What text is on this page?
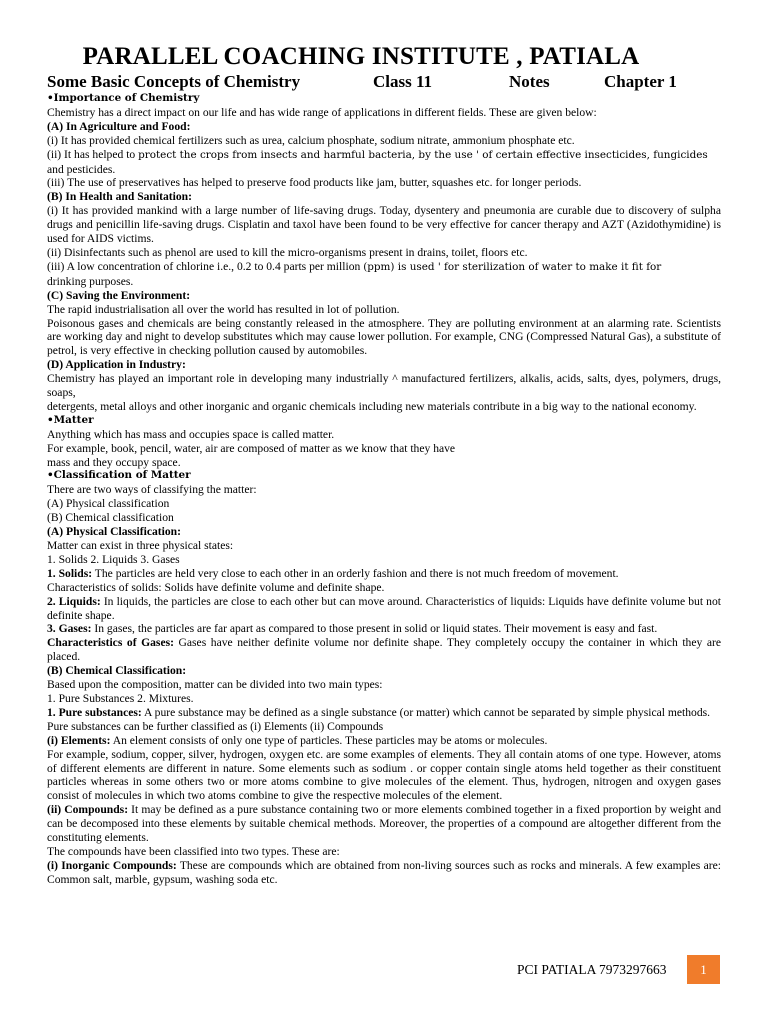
PARALLEL COACHING INSTITUTE , PATIALA
Some Basic Concepts of Chemistry	Class 11	Notes	Chapter 1
•Importance of Chemistry
Chemistry has a direct impact on our life and has wide range of applications in different fields. These are given below:
(A) In Agriculture and Food:
(i) It has provided chemical fertilizers such as urea, calcium phosphate, sodium nitrate, ammonium phosphate etc.
(ii) It has helped to protect the crops from insects and harmful bacteria, by the use ' of certain effective insecticides, fungicides
and pesticides.
(iii) The use of preservatives has helped to preserve food products like jam, butter, squashes etc. for longer periods.
(B) In Health and Sanitation:
(i) It has provided mankind with a large number of life-saving drugs. Today, dysentery and pneumonia are curable due to discovery of sulpha drugs and penicillin life-saving drugs. Cisplatin and taxol have been found to be very effective for cancer therapy and AZT (Azidothymidine) is used for AIDS victims.
(ii) Disinfectants such as phenol are used to kill the micro-organisms present in drains, toilet, floors etc.
(iii) A low concentration of chlorine i.e., 0.2 to 0.4 parts per million (ppm) is used ' for sterilization of water to make it fit for
drinking purposes.
(C) Saving the Environment:
The rapid industrialisation all over the world has resulted in lot of pollution.
Poisonous gases and chemicals are being constantly released in the atmosphere. They are polluting environment at an alarming rate. Scientists are working day and night to develop substitutes which may cause lower pollution. For example, CNG (Compressed Natural Gas), a substitute of petrol, is very effective in checking pollution caused by automobiles.
(D) Application in Industry:
Chemistry has played an important role in developing many industrially ^ manufactured fertilizers, alkalis, acids, salts, dyes, polymers, drugs, soaps,
detergents, metal alloys and other inorganic and organic chemicals including new materials contribute in a big way to the national economy.
•Matter
Anything which has mass and occupies space is called matter.
For example, book, pencil, water, air are composed of matter as we know that they have
mass and they occupy space.
•Classification of Matter
There are two ways of classifying the matter:
(A) Physical classification
(B) Chemical classification
(A) Physical Classification:
Matter can exist in three physical states:
1. Solids 2. Liquids 3. Gases
1. Solids: The particles are held very close to each other in an orderly fashion and there is not much freedom of movement.
Characteristics of solids: Solids have definite volume and definite shape.
2. Liquids: In liquids, the particles are close to each other but can move around. Characteristics of liquids: Liquids have definite volume but not definite shape.
3. Gases: In gases, the particles are far apart as compared to those present in solid or liquid states. Their movement is easy and fast.
Characteristics of Gases: Gases have neither definite volume nor definite shape. They completely occupy the container in which they are placed.
(B) Chemical Classification:
Based upon the composition, matter can be divided into two main types:
1. Pure Substances 2. Mixtures.
1. Pure substances: A pure substance may be defined as a single substance (or matter) which cannot be separated by simple physical methods.
Pure substances can be further classified as (i) Elements (ii) Compounds
(i) Elements: An element consists of only one type of particles. These particles may be atoms or molecules.
For example, sodium, copper, silver, hydrogen, oxygen etc. are some examples of elements. They all contain atoms of one type. However, atoms of different elements are different in nature. Some elements such as sodium . or copper contain single atoms held together as their constituent particles whereas in some others two or more atoms combine to give molecules of the element. Thus, hydrogen, nitrogen and oxygen gases consist of molecules in which two atoms combine to give the respective molecules of the element.
(ii) Compounds: It may be defined as a pure substance containing two or more elements combined together in a fixed proportion by weight and can be decomposed into these elements by suitable chemical methods. Moreover, the properties of a compound are altogether different from the constituting elements.
The compounds have been classified into two types. These are:
(i) Inorganic Compounds: These are compounds which are obtained from non-living sources such as rocks and minerals. A few examples are: Common salt, marble, gypsum, washing soda etc.
PCI PATIALA 7973297663	1
